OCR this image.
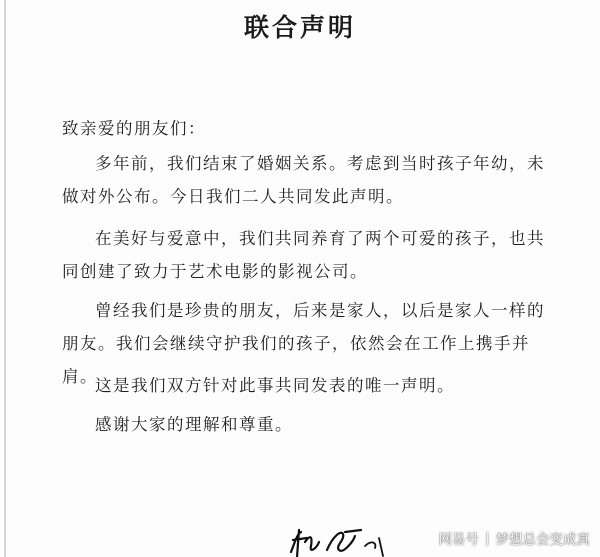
联合声明
致亲爱的朋友们：

多年前，我们结束了婚姻关系。考虑到当时孩子年幼，未做对外公布。今日我们二人共同发此声明。

在美好与爱意中，我们共同养育了两个可爱的孩子，也共同创建了致力于艺术电影的影视公司。

曾经我们是珍贵的朋友，后来是家人，以后是家人一样的朋友。我们会继续守护我们的孩子，依然会在工作上携手并肩。

这是我们双方针对此事共同发表的唯一声明。

感谢大家的理解和尊重。

网易号 | 梦想总会变成真
